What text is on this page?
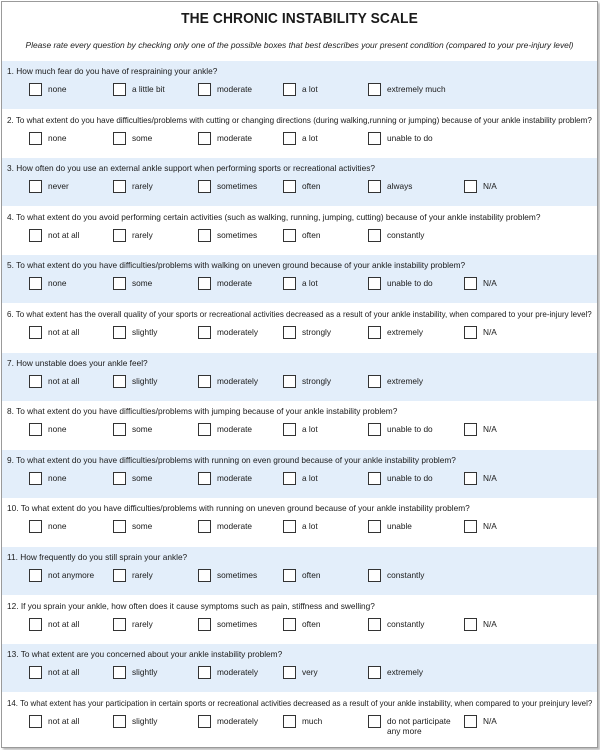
THE CHRONIC INSTABILITY SCALE
Please rate every question by checking only one of the possible boxes that best describes your present condition (compared to your pre-injury level)
1. How much fear do you have of respraining your ankle?
none	a little bit	moderate	a lot	extremely much
2. To what extent do you have difficulties/problems with cutting or changing directions (during walking,running or jumping) because of your ankle instability problem?
none	some	moderate	a lot	unable to do
3. How often do you use an external ankle support when performing sports or recreational activities?
never	rarely	sometimes	often	always	N/A
4. To what extent do you avoid performing certain activities (such as walking, running, jumping, cutting) because of your ankle instability problem?
not at all	rarely	sometimes	often	constantly
5. To what extent do you have difficulties/problems with walking on uneven ground because of your ankle instability problem?
none	some	moderate	a lot	unable to do	N/A
6. To what extent has the overall quality of your sports or recreational activities decreased as a result of your ankle instability, when compared to your pre-injury level?
not at all	slightly	moderately	strongly	extremely	N/A
7. How unstable does your ankle feel?
not at all	slightly	moderately	strongly	extremely
8. To what extent do you have difficulties/problems with jumping because of your ankle instability problem?
none	some	moderate	a lot	unable to do	N/A
9. To what extent do you have difficulties/problems with running on even ground because of your ankle instability problem?
none	some	moderate	a lot	unable to do	N/A
10. To what extent do you have difficulties/problems with running on uneven ground because of your ankle instability problem?
none	some	moderate	a lot	unable	N/A
11. How frequently do you still sprain your ankle?
not anymore	rarely	sometimes	often	constantly
12. If you sprain your ankle, how often does it cause symptoms such as pain, stiffness and swelling?
not at all	rarely	sometimes	often	constantly	N/A
13. To what extent are you concerned about your ankle instability problem?
not at all	slightly	moderately	very	extremely
14. To what extent has your participation in certain sports or recreational activities decreased as a result of your ankle instability, when compared to your preinjury level?
not at all	slightly	moderately	much	do not participate
any more
N/A
